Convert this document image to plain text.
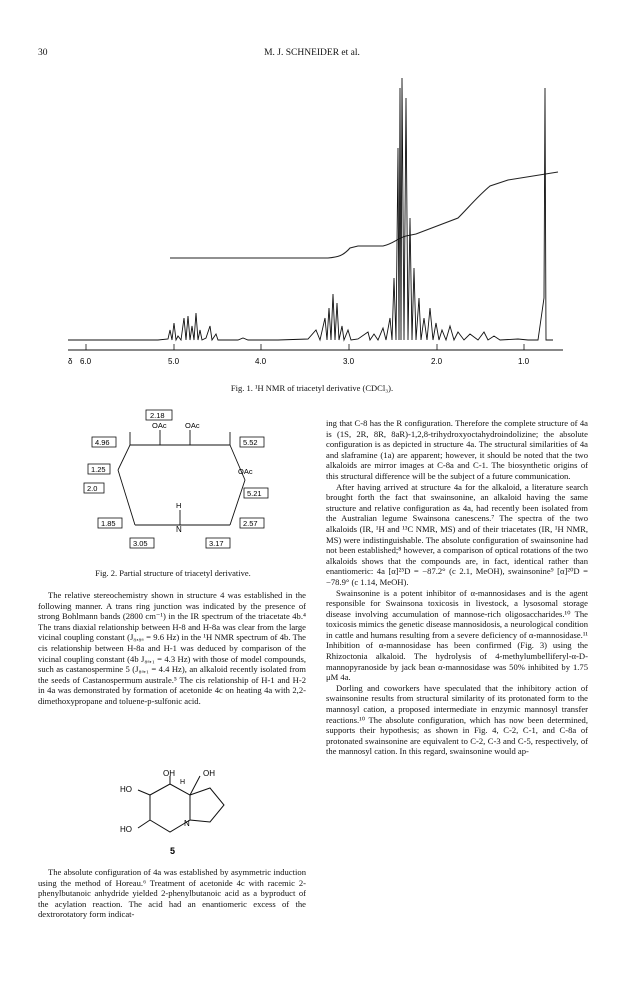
30	M. J. SCHNEIDER et al.
δ 6.0	5.0	4.0	3.0	2.0	1.0
Fig. 1. ¹H NMR of triacetyl derivative (CDCl₃).
OAc OAc
OAc
H
N
2.18
4.96	5.52
1.25
2.0
5.21
1.85	2.57
3.05	3.17
Fig. 2. Partial structure of triacetyl derivative.

The relative stereochemistry shown in structure 4 was established in the following manner. A trans ring junction was indicated by the presence of strong Bohlmann bands (2800 cm⁻¹) in the IR spectrum of the triacetate 4b.⁴ The trans diaxial relationship between H-8 and H-8a was clear from the large vicinal coupling constant (J₈,₈ₐ = 9.6 Hz) in the ¹H NMR spectrum of 4b. The cis relationship between H-8a and H-1 was deduced by comparison of the vicinal coupling constant (4b J₈ₐ,₁ = 4.3 Hz) with those of model compounds, such as castanospermine 5 (J₈ₐ,₁ = 4.4 Hz), an alkaloid recently isolated from the seeds of Castanospermum australe.⁵ The cis relationship of H-1 and H-2 in 4a was demonstrated by formation of acetonide 4c on heating 4a with 2,2-dimethoxypropane and toluene-p-sulfonic acid.

OH	OH
H
HO
HO
N
5

The absolute configuration of 4a was established by asymmetric induction using the method of Horeau.⁶ Treatment of acetonide 4c with racemic 2-phenylbutanoic anhydride yielded 2-phenylbutanoic acid as a byproduct of the acylation reaction. The acid had an enantiomeric excess of the dextrorotatory form indicat-

ing that C-8 has the R configuration. Therefore the complete structure of 4a is (1S, 2R, 8R, 8aR)-1,2,8-trihydroxyoctahydroindolizine; the absolute configuration is as depicted in structure 4a. The structural similarities of 4a and slaframine (1a) are apparent; however, it should be noted that the two alkaloids are mirror images at C-8a and C-1. The biosynthetic origins of this structural difference will be the subject of a future communication.

After having arrived at structure 4a for the alkaloid, a literature search brought forth the fact that swainsonine, an alkaloid having the same structure and relative configuration as 4a, had recently been isolated from the Australian legume Swainsona canescens.⁷ The spectra of the two alkaloids (IR, ¹H and ¹³C NMR, MS) and of their triacetates (IR, ¹H NMR, MS) were indistinguishable. The absolute configuration of swainsonine had not been established;⁸ however, a comparison of optical rotations of the two alkaloids shows that the compounds are, in fact, identical rather than enantiomeric: 4a [α]²⁵D = −87.2° (c 2.1, MeOH), swainsonine⁹ [α]²⁰D = −78.9° (c 1.14, MeOH).

Swainsonine is a potent inhibitor of α-mannosidases and is the agent responsible for Swainsona toxicosis in livestock, a lysosomal storage disease involving accumulation of mannose-rich oligosaccharides.¹⁰ The toxicosis mimics the genetic disease mannosidosis, a neurological condition in cattle and humans resulting from a severe deficiency of α-mannosidase.¹¹ Inhibition of α-mannosidase has been confirmed (Fig. 3) using the Rhizoctonia alkaloid. The hydrolysis of 4-methylumbelliferyl-α-D-mannopyranoside by jack bean α-mannosidase was 50% inhibited by 1.75 μM 4a.

Dorling and coworkers have speculated that the inhibitory action of swainsonine results from structural similarity of its protonated form to the mannosyl cation, a proposed intermediate in enzymic mannosyl transfer reactions.¹⁰ The absolute configuration, which has now been determined, supports their hypothesis; as shown in Fig. 4, C-2, C-1, and C-8a of protonated swainsonine are equivalent to C-2, C-3 and C-5, respectively, of the mannosyl cation. In this regard, swainsonine would ap-
